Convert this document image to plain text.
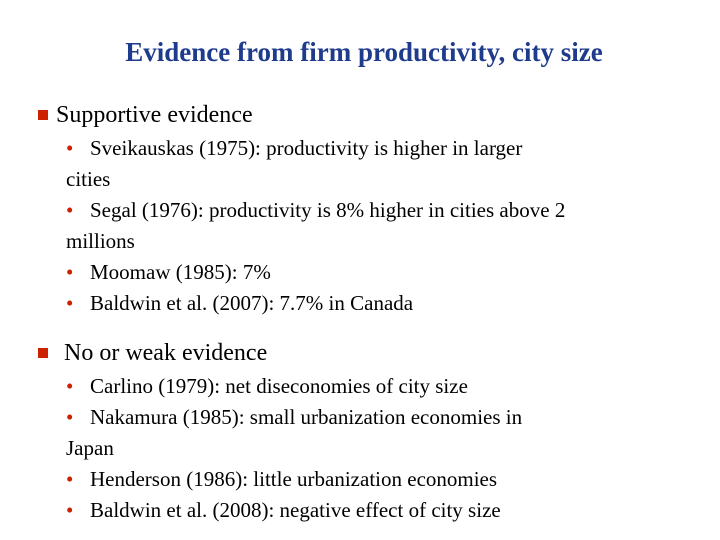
Evidence from firm productivity, city size
Supportive evidence
• Sveikauskas (1975): productivity is higher in larger
cities
• Segal (1976): productivity is 8% higher in cities above 2
millions
• Moomaw (1985): 7%
• Baldwin et al. (2007): 7.7% in Canada
No or weak evidence
• Carlino (1979): net diseconomies of city size
• Nakamura (1985): small urbanization economies in
Japan
• Henderson (1986): little urbanization economies
• Baldwin et al. (2008): negative effect of city size
